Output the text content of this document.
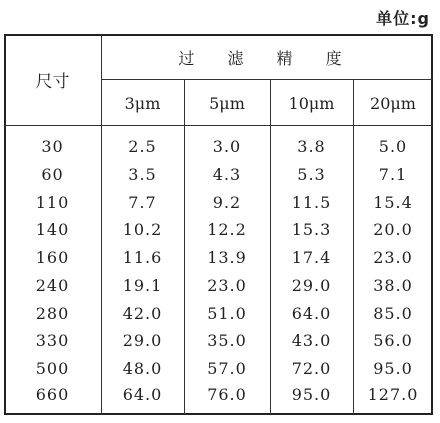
单位:g
尺寸
过 滤 精 度
3μm	5μm	10μm	20μm
30	2.5	3.0	3.8	5.0
60	3.5	4.3	5.3	7.1
110	7.7	9.2	11.5	15.4
140	10.2	12.2	15.3	20.0
160	11.6	13.9	17.4	23.0
240	19.1	23.0	29.0	38.0
280	42.0	51.0	64.0	85.0
330	29.0	35.0	43.0	56.0
500	48.0	57.0	72.0	95.0
660	64.0	76.0	95.0	127.0
